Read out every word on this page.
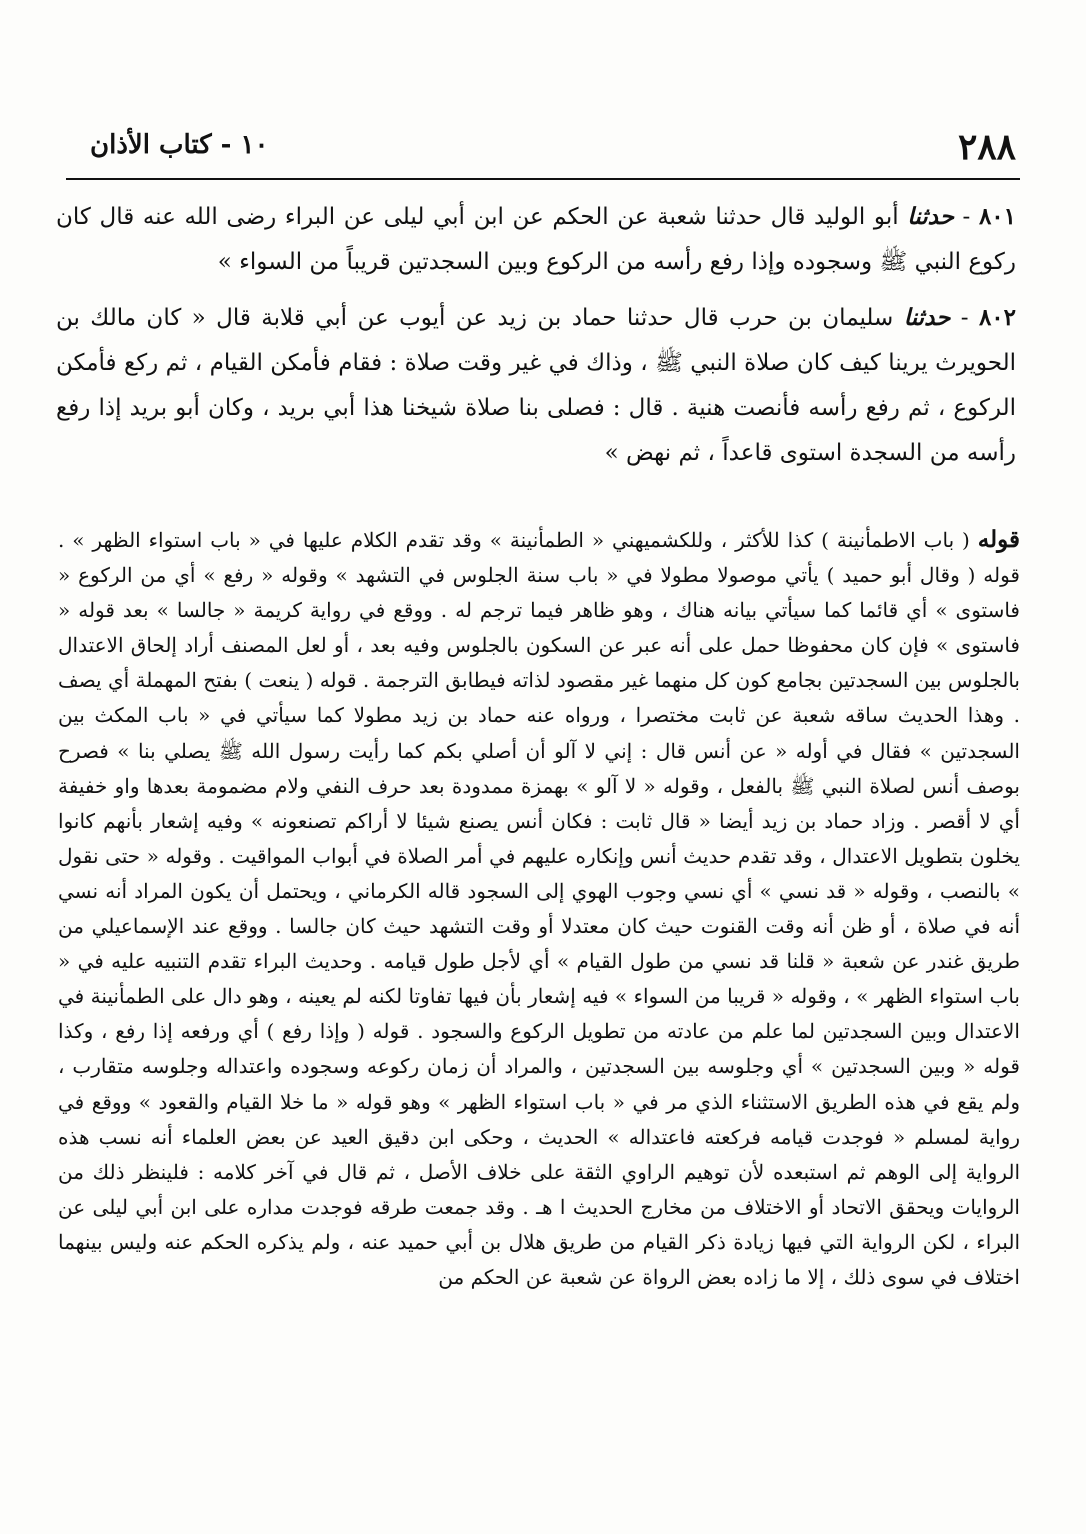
٢٨٨
١٠ - كتاب الأذان

٨٠١ - حدثنا أبو الوليد قال حدثنا شعبة عن الحكم عن ابن أبي ليلى عن البراء رضى الله عنه قال كان ركوع النبي ﷺ وسجوده وإذا رفع رأسه من الركوع وبين السجدتين قريباً من السواء »

٨٠٢ - حدثنا سليمان بن حرب قال حدثنا حماد بن زيد عن أيوب عن أبي قلابة قال « كان مالك بن الحويرث يرينا كيف كان صلاة النبي ﷺ ، وذاك في غير وقت صلاة : فقام فأمكن القيام ، ثم ركع فأمكن الركوع ، ثم رفع رأسه فأنصت هنية . قال : فصلى بنا صلاة شيخنا هذا أبي بريد ، وكان أبو بريد إذا رفع رأسه من السجدة استوى قاعداً ، ثم نهض »

قوله ( باب الاطمأنينة ) كذا للأكثر ، وللكشميهني « الطمأنينة » وقد تقدم الكلام عليها في « باب استواء الظهر » . قوله ( وقال أبو حميد ) يأتي موصولا مطولا في « باب سنة الجلوس في التشهد » وقوله « رفع » أي من الركوع « فاستوى » أي قائما كما سيأتي بيانه هناك ، وهو ظاهر فيما ترجم له . ووقع في رواية كريمة « جالسا » بعد قوله « فاستوى » فإن كان محفوظا حمل على أنه عبر عن السكون بالجلوس وفيه بعد ، أو لعل المصنف أراد إلحاق الاعتدال بالجلوس بين السجدتين بجامع كون كل منهما غير مقصود لذاته فيطابق الترجمة . قوله ( ينعت ) بفتح المهملة أي يصف . وهذا الحديث ساقه شعبة عن ثابت مختصرا ، ورواه عنه حماد بن زيد مطولا كما سيأتي في « باب المكث بين السجدتين » فقال في أوله « عن أنس قال : إني لا آلو أن أصلي بكم كما رأيت رسول الله ﷺ يصلي بنا » فصرح بوصف أنس لصلاة النبي ﷺ بالفعل ، وقوله « لا آلو » بهمزة ممدودة بعد حرف النفي ولام مضمومة بعدها واو خفيفة أي لا أقصر . وزاد حماد بن زيد أيضا « قال ثابت : فكان أنس يصنع شيئا لا أراكم تصنعونه » وفيه إشعار بأنهم كانوا يخلون بتطويل الاعتدال ، وقد تقدم حديث أنس وإنكاره عليهم في أمر الصلاة في أبواب المواقيت . وقوله « حتى نقول » بالنصب ، وقوله « قد نسي » أي نسي وجوب الهوي إلى السجود قاله الكرماني ، ويحتمل أن يكون المراد أنه نسي أنه في صلاة ، أو ظن أنه وقت القنوت حيث كان معتدلا أو وقت التشهد حيث كان جالسا . ووقع عند الإسماعيلي من طريق غندر عن شعبة « قلنا قد نسي من طول القيام » أي لأجل طول قيامه . وحديث البراء تقدم التنبيه عليه في « باب استواء الظهر » ، وقوله « قريبا من السواء » فيه إشعار بأن فيها تفاوتا لكنه لم يعينه ، وهو دال على الطمأنينة في الاعتدال وبين السجدتين لما علم من عادته من تطويل الركوع والسجود . قوله ( وإذا رفع ) أي ورفعه إذا رفع ، وكذا قوله « وبين السجدتين » أي وجلوسه بين السجدتين ، والمراد أن زمان ركوعه وسجوده واعتداله وجلوسه متقارب ، ولم يقع في هذه الطريق الاستثناء الذي مر في « باب استواء الظهر » وهو قوله « ما خلا القيام والقعود » ووقع في رواية لمسلم « فوجدت قيامه فركعته فاعتداله » الحديث ، وحكى ابن دقيق العيد عن بعض العلماء أنه نسب هذه الرواية إلى الوهم ثم استبعده لأن توهيم الراوي الثقة على خلاف الأصل ، ثم قال في آخر كلامه : فلينظر ذلك من الروايات ويحقق الاتحاد أو الاختلاف من مخارج الحديث ا هـ . وقد جمعت طرقه فوجدت مداره على ابن أبي ليلى عن البراء ، لكن الرواية التي فيها زيادة ذكر القيام من طريق هلال بن أبي حميد عنه ، ولم يذكره الحكم عنه وليس بينهما اختلاف في سوى ذلك ، إلا ما زاده بعض الرواة عن شعبة عن الحكم من
